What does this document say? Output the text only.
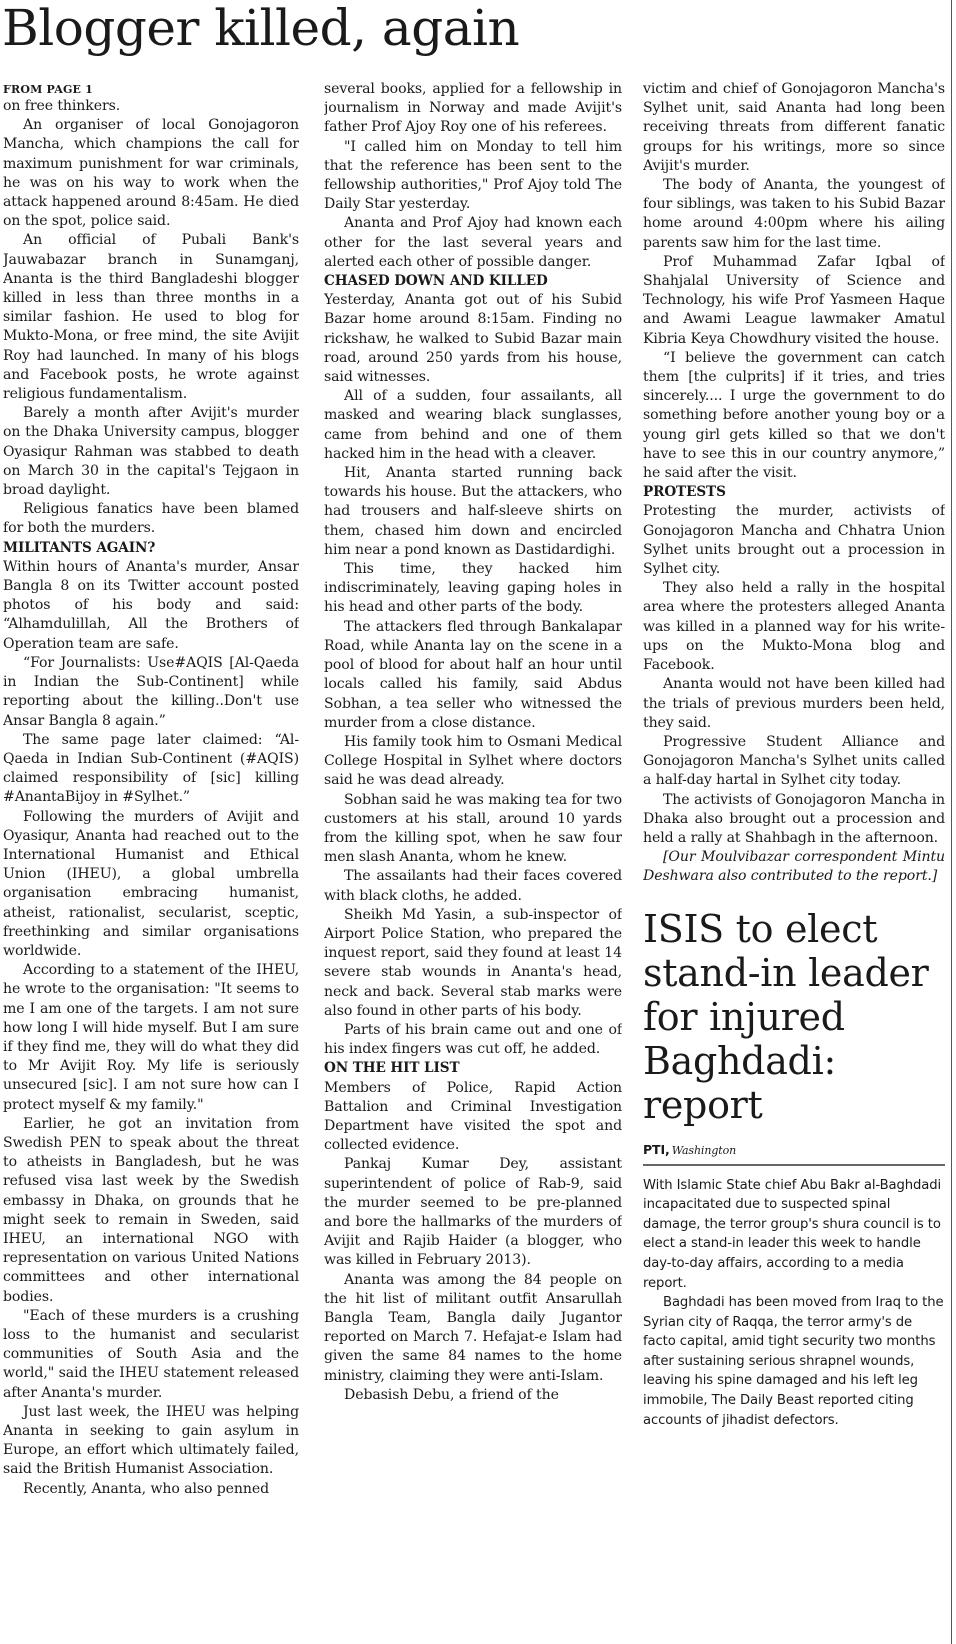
Blogger killed, again
FROM PAGE 1

on free thinkers.

An organiser of local Gonojagoron Mancha, which champions the call for maximum punishment for war criminals, he was on his way to work when the attack happened around 8:45am. He died on the spot, police said.

An official of Pubali Bank's Jauwabazar branch in Sunamganj, Ananta is the third Bangladeshi blogger killed in less than three months in a similar fashion. He used to blog for Mukto-Mona, or free mind, the site Avijit Roy had launched. In many of his blogs and Facebook posts, he wrote against religious fundamentalism.

Barely a month after Avijit's murder on the Dhaka University campus, blogger Oyasiqur Rahman was stabbed to death on March 30 in the capital's Tejgaon in broad daylight.

Religious fanatics have been blamed for both the murders.

MILITANTS AGAIN?

Within hours of Ananta's murder, Ansar Bangla 8 on its Twitter account posted photos of his body and said: “Alhamdulillah, All the Brothers of Operation team are safe.

“For Journalists: Use#AQIS [Al-Qaeda in Indian the Sub-Continent] while reporting about the killing..Don't use Ansar Bangla 8 again.”

The same page later claimed: “Al-Qaeda in Indian Sub-Continent (#AQIS) claimed responsibility of [sic] killing #AnantaBijoy in #Sylhet.”

Following the murders of Avijit and Oyasiqur, Ananta had reached out to the International Humanist and Ethical Union (IHEU), a global umbrella organisation embracing humanist, atheist, rationalist, secularist, sceptic, freethinking and similar organisations worldwide.

According to a statement of the IHEU, he wrote to the organisation: "It seems to me I am one of the targets. I am not sure how long I will hide myself. But I am sure if they find me, they will do what they did to Mr Avijit Roy. My life is seriously unsecured [sic]. I am not sure how can I protect myself & my family."

Earlier, he got an invitation from Swedish PEN to speak about the threat to atheists in Bangladesh, but he was refused visa last week by the Swedish embassy in Dhaka, on grounds that he might seek to remain in Sweden, said IHEU, an international NGO with representation on various United Nations committees and other international bodies.

"Each of these murders is a crushing loss to the humanist and secularist communities of South Asia and the world," said the IHEU statement released after Ananta's murder.

Just last week, the IHEU was helping Ananta in seeking to gain asylum in Europe, an effort which ultimately failed, said the British Humanist Association.

Recently, Ananta, who also penned

several books, applied for a fellowship in journalism in Norway and made Avijit's father Prof Ajoy Roy one of his referees.

"I called him on Monday to tell him that the reference has been sent to the fellowship authorities," Prof Ajoy told The Daily Star yesterday.

Ananta and Prof Ajoy had known each other for the last several years and alerted each other of possible danger.

CHASED DOWN AND KILLED

Yesterday, Ananta got out of his Subid Bazar home around 8:15am. Finding no rickshaw, he walked to Subid Bazar main road, around 250 yards from his house, said witnesses.

All of a sudden, four assailants, all masked and wearing black sunglasses, came from behind and one of them hacked him in the head with a cleaver.

Hit, Ananta started running back towards his house. But the attackers, who had trousers and half-sleeve shirts on them, chased him down and encircled him near a pond known as Dastidardighi.

This time, they hacked him indiscriminately, leaving gaping holes in his head and other parts of the body.

The attackers fled through Bankalapar Road, while Ananta lay on the scene in a pool of blood for about half an hour until locals called his family, said Abdus Sobhan, a tea seller who witnessed the murder from a close distance.

His family took him to Osmani Medical College Hospital in Sylhet where doctors said he was dead already.

Sobhan said he was making tea for two customers at his stall, around 10 yards from the killing spot, when he saw four men slash Ananta, whom he knew.

The assailants had their faces covered with black cloths, he added.

Sheikh Md Yasin, a sub-inspector of Airport Police Station, who prepared the inquest report, said they found at least 14 severe stab wounds in Ananta's head, neck and back. Several stab marks were also found in other parts of his body.

Parts of his brain came out and one of his index fingers was cut off, he added.

ON THE HIT LIST

Members of Police, Rapid Action Battalion and Criminal Investigation Department have visited the spot and collected evidence.

Pankaj Kumar Dey, assistant superintendent of police of Rab-9, said the murder seemed to be pre-planned and bore the hallmarks of the murders of Avijit and Rajib Haider (a blogger, who was killed in February 2013).

Ananta was among the 84 people on the hit list of militant outfit Ansarullah Bangla Team, Bangla daily Jugantor reported on March 7. Hefajat-e Islam had given the same 84 names to the home ministry, claiming they were anti-Islam.

Debasish Debu, a friend of the

victim and chief of Gonojagoron Mancha's Sylhet unit, said Ananta had long been receiving threats from different fanatic groups for his writings, more so since Avijit's murder.

The body of Ananta, the youngest of four siblings, was taken to his Subid Bazar home around 4:00pm where his ailing parents saw him for the last time.

Prof Muhammad Zafar Iqbal of Shahjalal University of Science and Technology, his wife Prof Yasmeen Haque and Awami League lawmaker Amatul Kibria Keya Chowdhury visited the house.

“I believe the government can catch them [the culprits] if it tries, and tries sincerely.... I urge the government to do something before another young boy or a young girl gets killed so that we don't have to see this in our country anymore,” he said after the visit.

PROTESTS

Protesting the murder, activists of Gonojagoron Mancha and Chhatra Union Sylhet units brought out a procession in Sylhet city.

They also held a rally in the hospital area where the protesters alleged Ananta was killed in a planned way for his write-ups on the Mukto-Mona blog and Facebook.

Ananta would not have been killed had the trials of previous murders been held, they said.

Progressive Student Alliance and Gonojagoron Mancha's Sylhet units called a half-day hartal in Sylhet city today.

The activists of Gonojagoron Mancha in Dhaka also brought out a procession and held a rally at Shahbagh in the afternoon.

[Our Moulvibazar correspondent Mintu Deshwara also contributed to the report.]

ISIS to elect stand-in leader for injured Baghdadi: report
PTI, Washington

With Islamic State chief Abu Bakr al-Baghdadi incapacitated due to suspected spinal damage, the terror group's shura council is to elect a stand-in leader this week to handle day-to-day affairs, according to a media report.

Baghdadi has been moved from Iraq to the Syrian city of Raqqa, the terror army's de facto capital, amid tight security two months after sustaining serious shrapnel wounds, leaving his spine damaged and his left leg immobile, The Daily Beast reported citing accounts of jihadist defectors.
